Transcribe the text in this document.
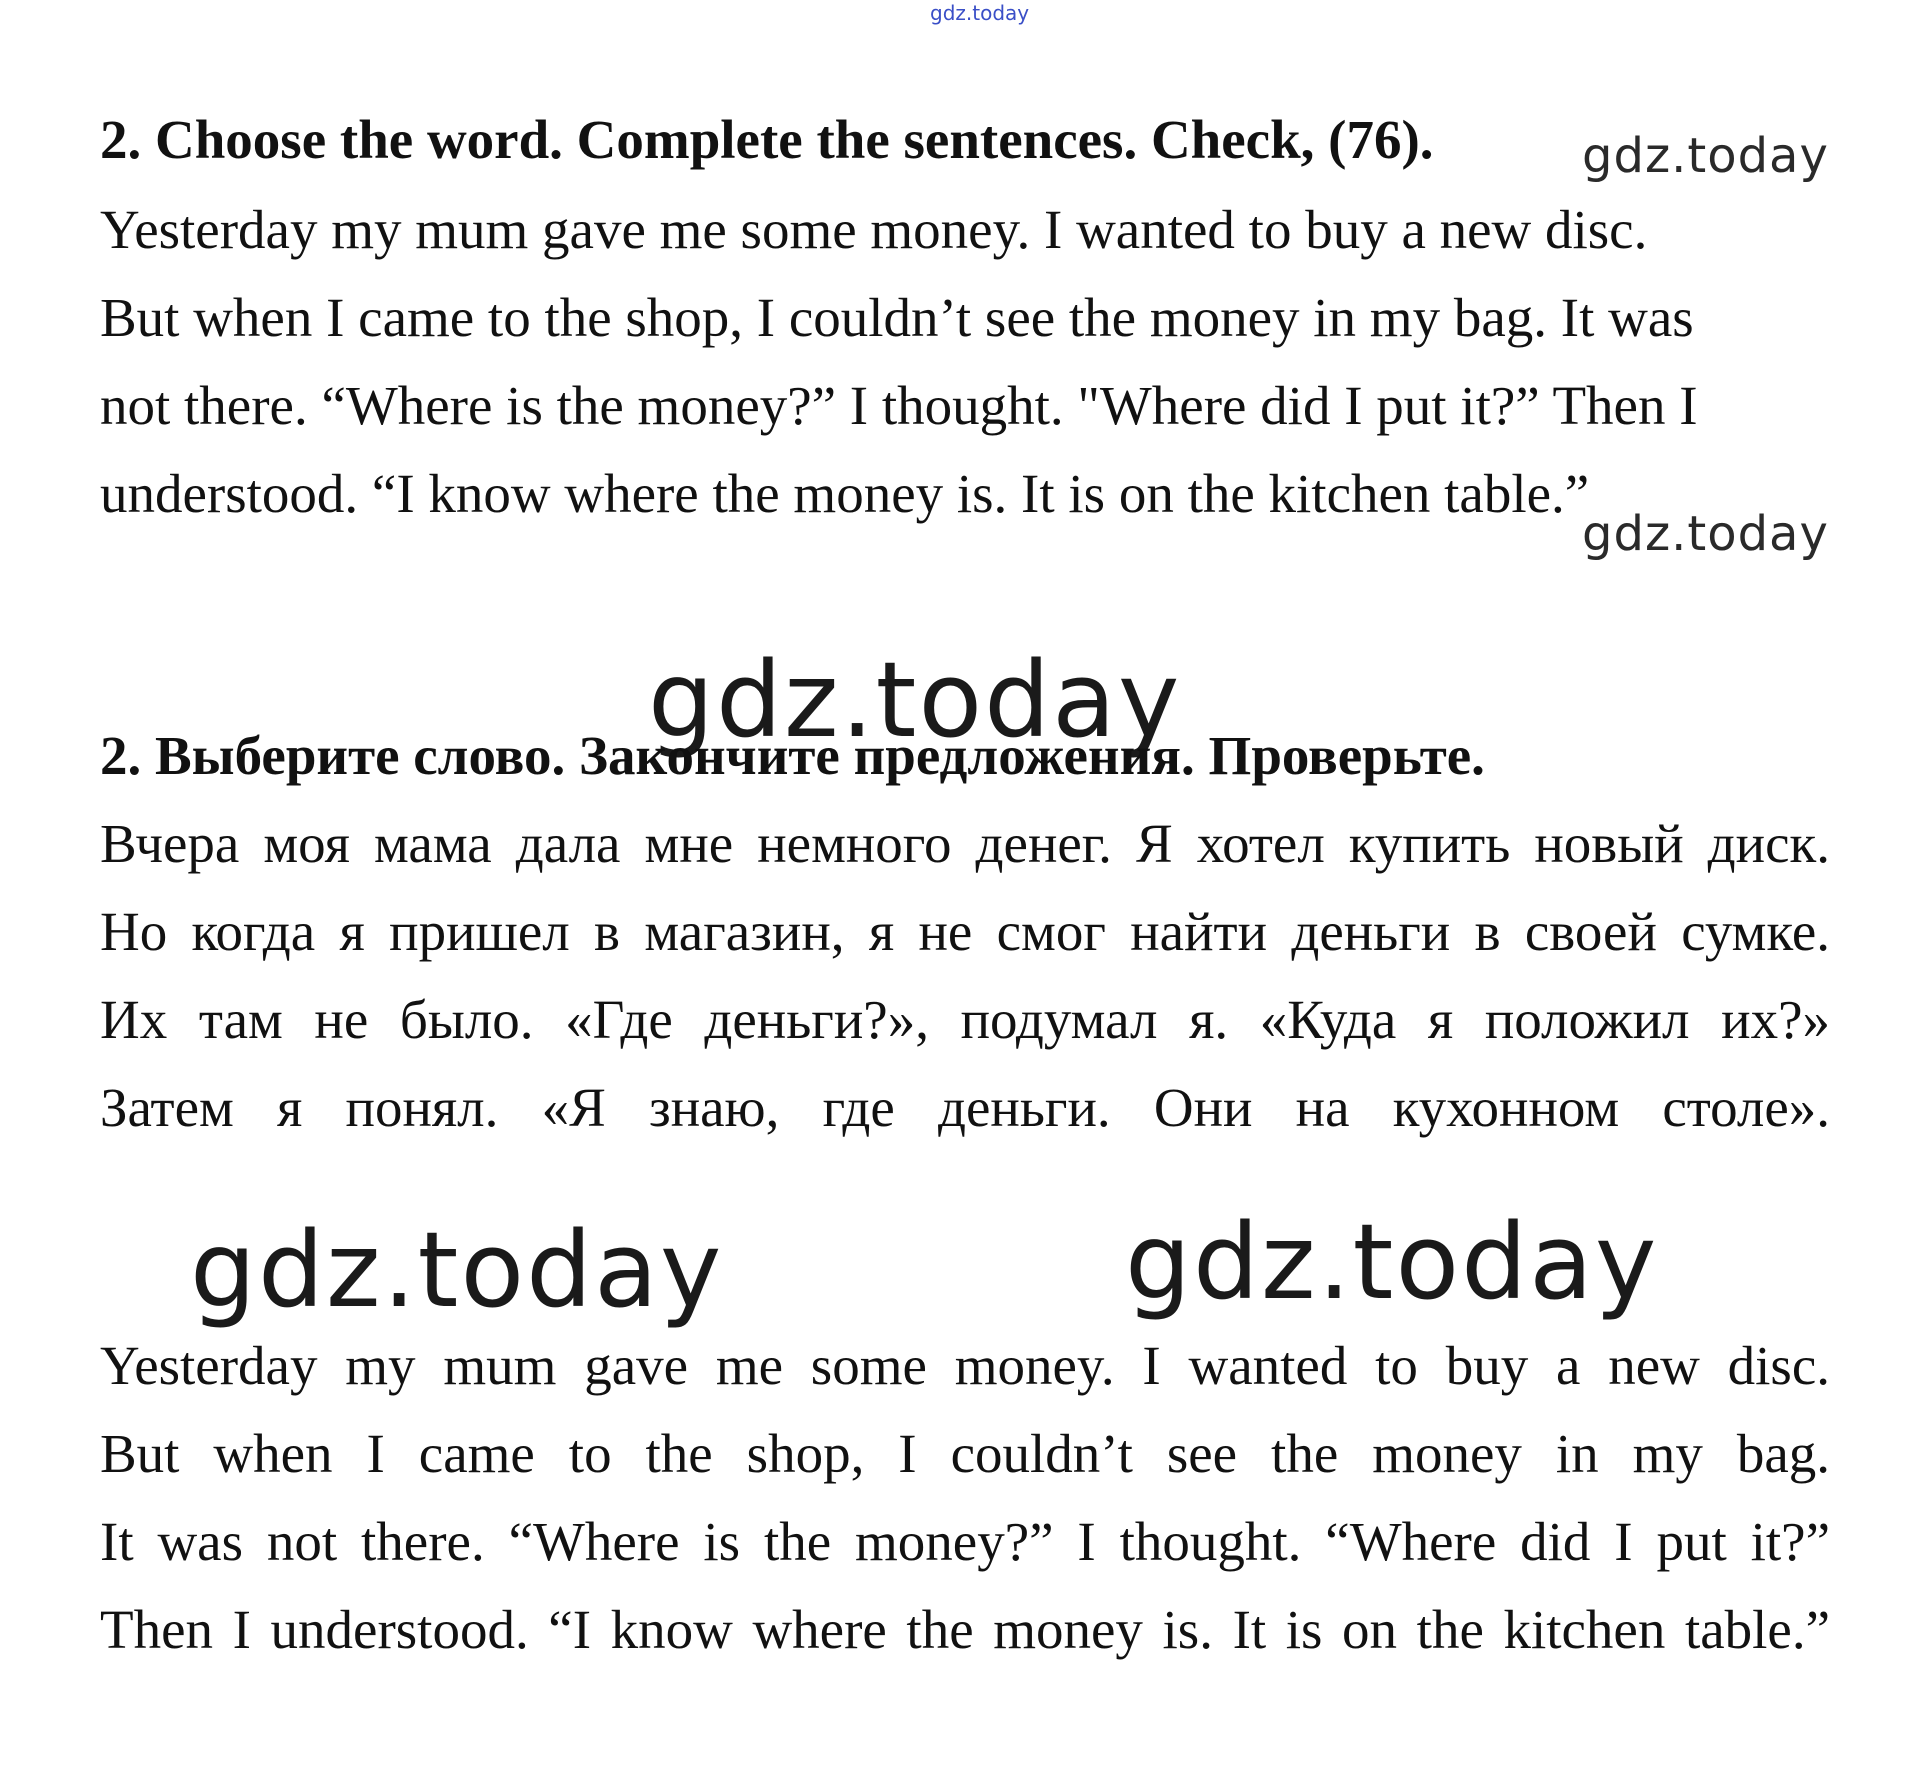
gdz.today
gdz.today
gdz.today
gdz.today
gdz.today	gdz.today
2. Choose the word. Complete the sentences. Check, (76).
Yesterday my mum gave me some money. I wanted to buy a new disc.
But when I came to the shop, I couldn’t see the money in my bag. It was
not there. “Where is the money?” I thought. "Where did I put it?” Then I
understood. “I know where the money is. It is on the kitchen table.”
2. Выберите слово. Закончите предложения. Проверьте.
Вчера моя мама дала мне немного денег. Я хотел купить новый диск.
Но когда я пришел в магазин, я не смог найти деньги в своей сумке.
Их там не было. «Где деньги?», подумал я. «Куда я положил их?»
Затем я понял. «Я знаю, где деньги. Они на кухонном столе».
Yesterday my mum gave me some money. I wanted to buy a new disc.
But when I came to the shop, I couldn’t see the money in my bag.
It was not there. “Where is the money?” I thought. “Where did I put it?”
Then I understood. “I know where the money is. It is on the kitchen table.”
